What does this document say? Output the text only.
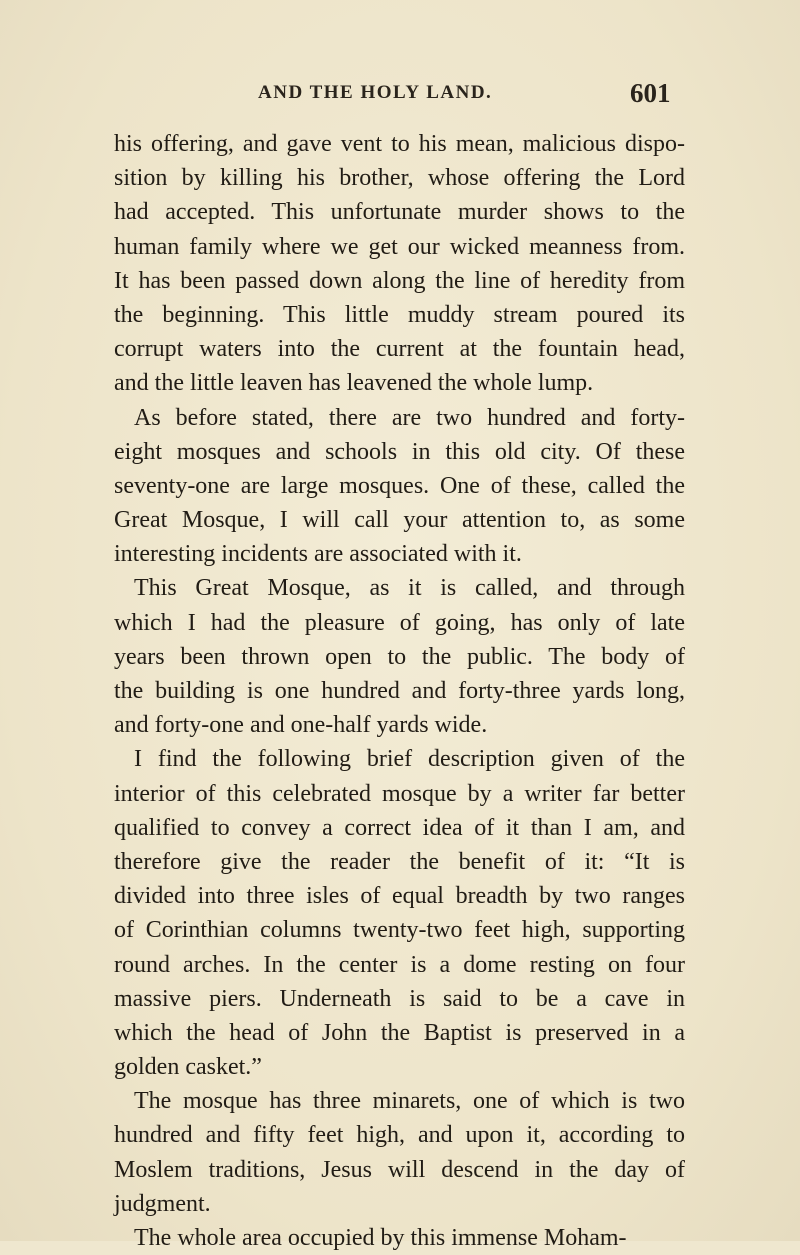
AND THE HOLY LAND.	601
his offering, and gave vent to his mean, malicious dispo-
sition by killing his brother, whose offering the Lord
had accepted. This unfortunate murder shows to the
human family where we get our wicked meanness from.
It has been passed down along the line of heredity from
the beginning. This little muddy stream poured its
corrupt waters into the current at the fountain head,
and the little leaven has leavened the whole lump.
As before stated, there are two hundred and forty-
eight mosques and schools in this old city. Of these
seventy-one are large mosques. One of these, called the
Great Mosque, I will call your attention to, as some
interesting incidents are associated with it.
This Great Mosque, as it is called, and through
which I had the pleasure of going, has only of late
years been thrown open to the public. The body of
the building is one hundred and forty-three yards long,
and forty-one and one-half yards wide.
I find the following brief description given of the
interior of this celebrated mosque by a writer far better
qualified to convey a correct idea of it than I am, and
therefore give the reader the benefit of it: “It is
divided into three isles of equal breadth by two ranges
of Corinthian columns twenty-two feet high, supporting
round arches. In the center is a dome resting on four
massive piers. Underneath is said to be a cave in
which the head of John the Baptist is preserved in a
golden casket.”
The mosque has three minarets, one of which is two
hundred and fifty feet high, and upon it, according to
Moslem traditions, Jesus will descend in the day of
judgment.
The whole area occupied by this immense Moham-
